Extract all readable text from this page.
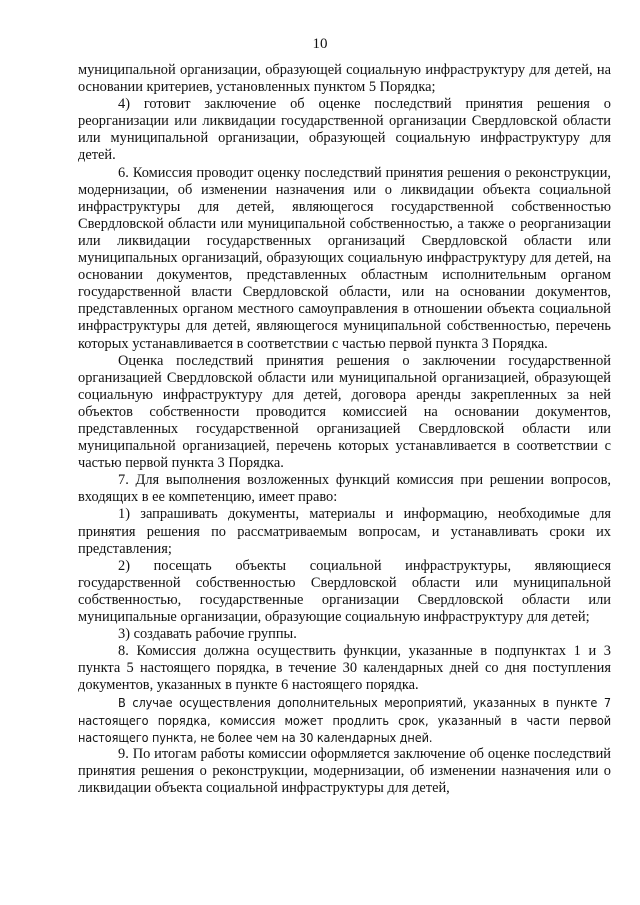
10

муниципальной организации, образующей социальную инфраструктуру для детей, на основании критериев, установленных пунктом 5 Порядка;

4) готовит заключение об оценке последствий принятия решения о реорганизации или ликвидации государственной организации Свердловской области или муниципальной организации, образующей социальную инфраструктуру для детей.

6. Комиссия проводит оценку последствий принятия решения о реконструкции, модернизации, об изменении назначения или о ликвидации объекта социальной инфраструктуры для детей, являющегося государственной собственностью Свердловской области или муниципальной собственностью, а также о реорганизации или ликвидации государственных организаций Свердловской области или муниципальных организаций, образующих социальную инфраструктуру для детей, на основании документов, представленных областным исполнительным органом государственной власти Свердловской области, или на основании документов, представленных органом местного самоуправления в отношении объекта социальной инфраструктуры для детей, являющегося муниципальной собственностью, перечень которых устанавливается в соответствии с частью первой пункта 3 Порядка.

Оценка последствий принятия решения о заключении государственной организацией Свердловской области или муниципальной организацией, образующей социальную инфраструктуру для детей, договора аренды закрепленных за ней объектов собственности проводится комиссией на основании документов, представленных государственной организацией Свердловской области или муниципальной организацией, перечень которых устанавливается в соответствии с частью первой пункта 3 Порядка.

7. Для выполнения возложенных функций комиссия при решении вопросов, входящих в ее компетенцию, имеет право:

1) запрашивать документы, материалы и информацию, необходимые для принятия решения по рассматриваемым вопросам, и устанавливать сроки их представления;

2) посещать объекты социальной инфраструктуры, являющиеся государственной собственностью Свердловской области или муниципальной собственностью, государственные организации Свердловской области или муниципальные организации, образующие социальную инфраструктуру для детей;

3) создавать рабочие группы.

8. Комиссия должна осуществить функции, указанные в подпунктах 1 и 3 пункта 5 настоящего порядка, в течение 30 календарных дней со дня поступления документов, указанных в пункте 6 настоящего порядка.

В случае осуществления дополнительных мероприятий, указанных в пункте 7 настоящего порядка, комиссия может продлить срок, указанный в части первой настоящего пункта, не более чем на 30 календарных дней.

9. По итогам работы комиссии оформляется заключение об оценке последствий принятия решения о реконструкции, модернизации, об изменении назначения или о ликвидации объекта социальной инфраструктуры для детей,
